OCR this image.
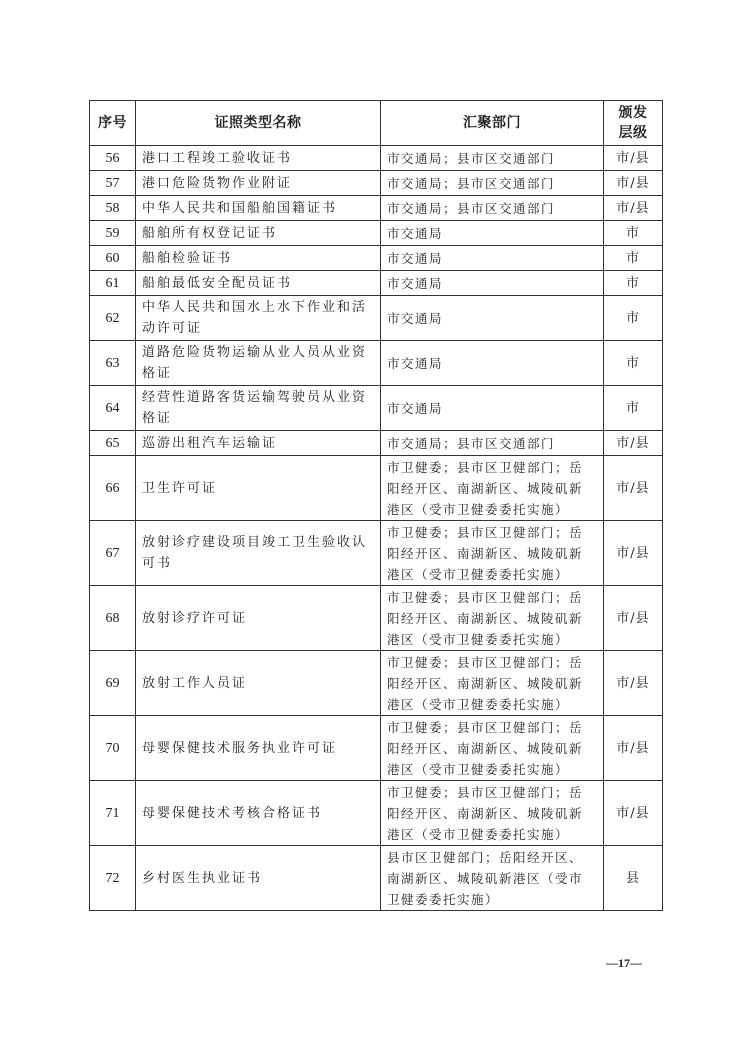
序号	证照类型名称	汇聚部门	颁发
层级

56	港口工程竣工验收证书	市交通局；县市区交通部门	市/县
57	港口危险货物作业附证	市交通局；县市区交通部门	市/县
58	中华人民共和国船舶国籍证书	市交通局；县市区交通部门	市/县
59	船舶所有权登记证书	市交通局	市
60	船舶检验证书	市交通局	市
61	船舶最低安全配员证书	市交通局	市
62	中华人民共和国水上水下作业和活
动许可证	市交通局	市
63	道路危险货物运输从业人员从业资
格证	市交通局	市
64	经营性道路客货运输驾驶员从业资
格证	市交通局	市
65	巡游出租汽车运输证	市交通局；县市区交通部门	市/县
66	卫生许可证	市卫健委；县市区卫健部门；岳
阳经开区、南湖新区、城陵矶新
港区（受市卫健委委托实施）	市/县
67	放射诊疗建设项目竣工卫生验收认
可书	市卫健委；县市区卫健部门；岳
阳经开区、南湖新区、城陵矶新
港区（受市卫健委委托实施）	市/县
68	放射诊疗许可证	市卫健委；县市区卫健部门；岳
阳经开区、南湖新区、城陵矶新
港区（受市卫健委委托实施）	市/县
69	放射工作人员证	市卫健委；县市区卫健部门；岳
阳经开区、南湖新区、城陵矶新
港区（受市卫健委委托实施）	市/县
70	母婴保健技术服务执业许可证	市卫健委；县市区卫健部门；岳
阳经开区、南湖新区、城陵矶新
港区（受市卫健委委托实施）	市/县
71	母婴保健技术考核合格证书	市卫健委；县市区卫健部门；岳
阳经开区、南湖新区、城陵矶新
港区（受市卫健委委托实施）	市/县
72	乡村医生执业证书	县市区卫健部门；岳阳经开区、
南湖新区、城陵矶新港区（受市
卫健委委托实施）	县
—17—
